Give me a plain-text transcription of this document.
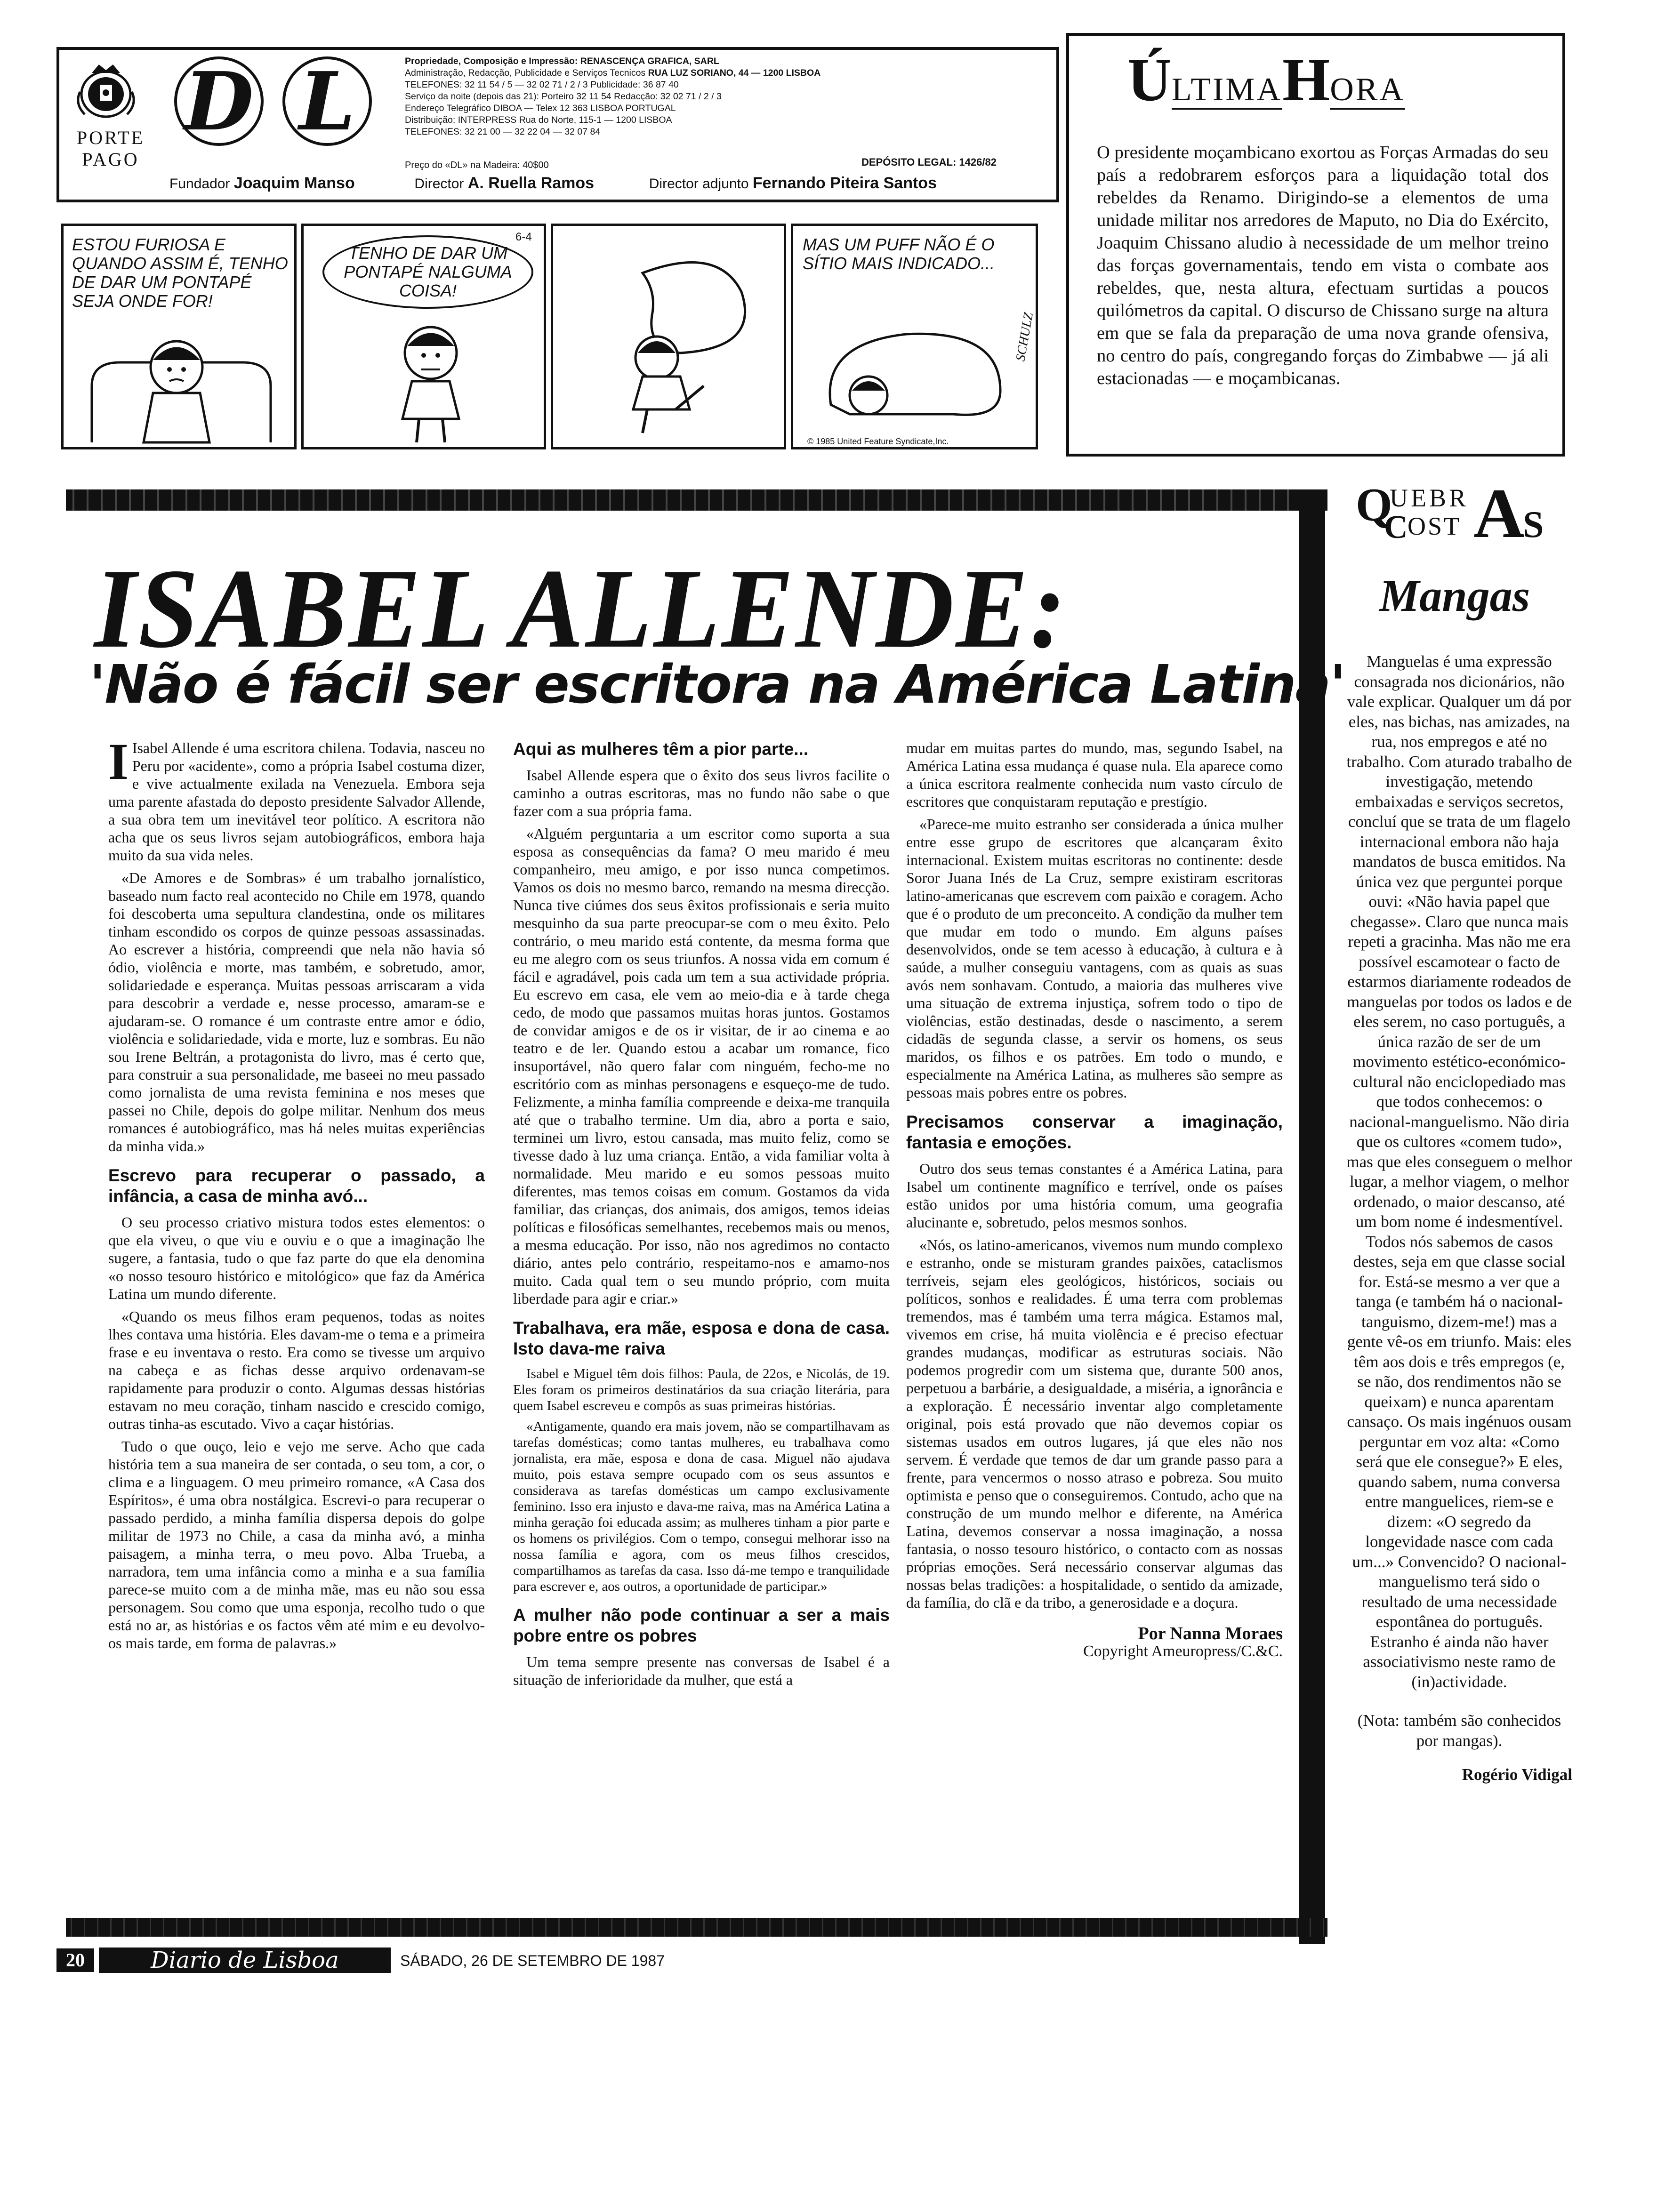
PORTE
PAGO
D L	Propriedade, Composição e Impressão: RENASCENÇA GRAFICA, SARL
Administração, Redacção, Publicidade e Serviços Tecnicos RUA LUZ SORIANO, 44 — 1200 LISBOA
TELEFONES: 32 11 54 / 5 — 32 02 71 / 2 / 3 Publicidade: 36 87 40
Serviço da noite (depois das 21): Porteiro 32 11 54 Redacção: 32 02 71 / 2 / 3
Endereço Telegráfico DIBOA — Telex 12 363 LISBOA PORTUGAL
Distribuição: INTERPRESS Rua do Norte, 115-1 — 1200 LISBOA
TELEFONES: 32 21 00 — 32 22 04 — 32 07 84
Preço do «DL» na Madeira: 40$00	DEPÓSITO LEGAL: 1426/82
Fundador Joaquim Manso	Director A. Ruella Ramos	Director adjunto Fernando Piteira Santos
ÚLTIMAHORA
O presidente moçambicano exortou as Forças Armadas do seu país a redobrarem esforços para a liquidação total dos rebeldes da Renamo. Dirigindo-se a elementos de uma unidade militar nos arredores de Maputo, no Dia do Exército, Joaquim Chissano aludio à necessidade de um melhor treino das forças governamentais, tendo em vista o combate aos rebeldes, que, nesta altura, efectuam surtidas a poucos quilómetros da capital. O discurso de Chissano surge na altura em que se fala da preparação de uma nova grande ofensiva, no centro do país, congregando forças do Zimbabwe — já ali estacionadas — e moçambicanas.
ESTOU FURIOSA E QUANDO ASSIM É, TENHO DE DAR UM PONTAPÉ SEJA ONDE FOR!
TENHO DE DAR UM PONTAPÉ NALGUMA COISA!
6-4	MAS UM PUFF NÃO É O SÍTIO MAIS INDICADO...
SCHULZ
© 1985 United Feature Syndicate,Inc.
ISABEL ALLENDE:
'Não é fácil ser escritora na América Latina'

I Isabel Allende é uma escritora chilena. Todavia, nasceu no Peru por «acidente», como a própria Isabel costuma dizer, e vive actualmente exilada na Venezuela. Embora seja uma parente afastada do deposto presidente Salvador Allende, a sua obra tem um inevitável teor político. A escritora não acha que os seus livros sejam autobiográficos, embora haja muito da sua vida neles.

«De Amores e de Sombras» é um trabalho jornalístico, baseado num facto real acontecido no Chile em 1978, quando foi descoberta uma sepultura clandestina, onde os militares tinham escondido os corpos de quinze pessoas assassinadas. Ao escrever a história, compreendi que nela não havia só ódio, violência e morte, mas também, e sobretudo, amor, solidariedade e esperança. Muitas pessoas arriscaram a vida para descobrir a verdade e, nesse processo, amaram-se e ajudaram-se. O romance é um contraste entre amor e ódio, violência e solidariedade, vida e morte, luz e sombras. Eu não sou Irene Beltrán, a protagonista do livro, mas é certo que, para construir a sua personalidade, me baseei no meu passado como jornalista de uma revista feminina e nos meses que passei no Chile, depois do golpe militar. Nenhum dos meus romances é autobiográfico, mas há neles muitas experiências da minha vida.»

Escrevo para recuperar o passado, a infância, a casa de minha avó...

O seu processo criativo mistura todos estes elementos: o que ela viveu, o que viu e ouviu e o que a imaginação lhe sugere, a fantasia, tudo o que faz parte do que ela denomina «o nosso tesouro histórico e mitológico» que faz da América Latina um mundo diferente.

«Quando os meus filhos eram pequenos, todas as noites lhes contava uma história. Eles davam-me o tema e a primeira frase e eu inventava o resto. Era como se tivesse um arquivo na cabeça e as fichas desse arquivo ordenavam-se rapidamente para produzir o conto. Algumas dessas histórias estavam no meu coração, tinham nascido e crescido comigo, outras tinha-as escutado. Vivo a caçar histórias.

Tudo o que ouço, leio e vejo me serve. Acho que cada história tem a sua maneira de ser contada, o seu tom, a cor, o clima e a linguagem. O meu primeiro romance, «A Casa dos Espíritos», é uma obra nostálgica. Escrevi-o para recuperar o passado perdido, a minha família dispersa depois do golpe militar de 1973 no Chile, a casa da minha avó, a minha paisagem, a minha terra, o meu povo. Alba Trueba, a narradora, tem uma infância como a minha e a sua família parece-se muito com a de minha mãe, mas eu não sou essa personagem. Sou como que uma esponja, recolho tudo o que está no ar, as histórias e os factos vêm até mim e eu devolvo-os mais tarde, em forma de palavras.»

Aqui as mulheres têm a pior parte...

Isabel Allende espera que o êxito dos seus livros facilite o caminho a outras escritoras, mas no fundo não sabe o que fazer com a sua própria fama.

«Alguém perguntaria a um escritor como suporta a sua esposa as consequências da fama? O meu marido é meu companheiro, meu amigo, e por isso nunca competimos. Vamos os dois no mesmo barco, remando na mesma direcção. Nunca tive ciúmes dos seus êxitos profissionais e seria muito mesquinho da sua parte preocupar-se com o meu êxito. Pelo contrário, o meu marido está contente, da mesma forma que eu me alegro com os seus triunfos. A nossa vida em comum é fácil e agradável, pois cada um tem a sua actividade própria. Eu escrevo em casa, ele vem ao meio-dia e à tarde chega cedo, de modo que passamos muitas horas juntos. Gostamos de convidar amigos e de os ir visitar, de ir ao cinema e ao teatro e de ler. Quando estou a acabar um romance, fico insuportável, não quero falar com ninguém, fecho-me no escritório com as minhas personagens e esqueço-me de tudo. Felizmente, a minha família compreende e deixa-me tranquila até que o trabalho termine. Um dia, abro a porta e saio, terminei um livro, estou cansada, mas muito feliz, como se tivesse dado à luz uma criança. Então, a vida familiar volta à normalidade. Meu marido e eu somos pessoas muito diferentes, mas temos coisas em comum. Gostamos da vida familiar, das crianças, dos animais, dos amigos, temos ideias políticas e filosóficas semelhantes, recebemos mais ou menos, a mesma educação. Por isso, não nos agredimos no contacto diário, antes pelo contrário, respeitamo-nos e amamo-nos muito. Cada qual tem o seu mundo próprio, com muita liberdade para agir e criar.»

Trabalhava, era mãe, esposa e dona de casa. Isto dava-me raiva

Isabel e Miguel têm dois filhos: Paula, de 22os, e Nicolás, de 19. Eles foram os primeiros destinatários da sua criação literária, para quem Isabel escreveu e compôs as suas primeiras histórias.

«Antigamente, quando era mais jovem, não se compartilhavam as tarefas domésticas; como tantas mulheres, eu trabalhava como jornalista, era mãe, esposa e dona de casa. Miguel não ajudava muito, pois estava sempre ocupado com os seus assuntos e considerava as tarefas domésticas um campo exclusivamente feminino. Isso era injusto e dava-me raiva, mas na América Latina a minha geração foi educada assim; as mulheres tinham a pior parte e os homens os privilégios. Com o tempo, consegui melhorar isso na nossa família e agora, com os meus filhos crescidos, compartilhamos as tarefas da casa. Isso dá-me tempo e tranquilidade para escrever e, aos outros, a oportunidade de participar.»

A mulher não pode continuar a ser a mais pobre entre os pobres

Um tema sempre presente nas conversas de Isabel é a situação de inferioridade da mulher, que está a

mudar em muitas partes do mundo, mas, segundo Isabel, na América Latina essa mudança é quase nula. Ela aparece como a única escritora realmente conhecida num vasto círculo de escritores que conquistaram reputação e prestígio.

«Parece-me muito estranho ser considerada a única mulher entre esse grupo de escritores que alcançaram êxito internacional. Existem muitas escritoras no continente: desde Soror Juana Inés de La Cruz, sempre existiram escritoras latino-americanas que escrevem com paixão e coragem. Acho que é o produto de um preconceito. A condição da mulher tem que mudar em todo o mundo. Em alguns países desenvolvidos, onde se tem acesso à educação, à cultura e à saúde, a mulher conseguiu vantagens, com as quais as suas avós nem sonhavam. Contudo, a maioria das mulheres vive uma situação de extrema injustiça, sofrem todo o tipo de violências, estão destinadas, desde o nascimento, a serem cidadãs de segunda classe, a servir os homens, os seus maridos, os filhos e os patrões. Em todo o mundo, e especialmente na América Latina, as mulheres são sempre as pessoas mais pobres entre os pobres.

Precisamos conservar a imaginação, fantasia e emoções.

Outro dos seus temas constantes é a América Latina, para Isabel um continente magnífico e terrível, onde os países estão unidos por uma história comum, uma geografia alucinante e, sobretudo, pelos mesmos sonhos.

«Nós, os latino-americanos, vivemos num mundo complexo e estranho, onde se misturam grandes paixões, cataclismos terríveis, sejam eles geológicos, históricos, sociais ou políticos, sonhos e realidades. É uma terra com problemas tremendos, mas é também uma terra mágica. Estamos mal, vivemos em crise, há muita violência e é preciso efectuar grandes mudanças, modificar as estruturas sociais. Não podemos progredir com um sistema que, durante 500 anos, perpetuou a barbárie, a desigualdade, a miséria, a ignorância e a exploração. É necessário inventar algo completamente original, pois está provado que não devemos copiar os sistemas usados em outros lugares, já que eles não nos servem. É verdade que temos de dar um grande passo para a frente, para vencermos o nosso atraso e pobreza. Sou muito optimista e penso que o conseguiremos. Contudo, acho que na construção de um mundo melhor e diferente, na América Latina, devemos conservar a nossa imaginação, a nossa fantasia, o nosso tesouro histórico, o contacto com as nossas próprias emoções. Será necessário conservar algumas das nossas belas tradições: a hospitalidade, o sentido da amizade, da família, do clã e da tribo, a generosidade e a doçura.

Por Nanna Moraes
Copyright Ameuropress/C.&C.
Q
UEBR A
C OST S
Mangas

Manguelas é uma expressão consagrada nos dicionários, não vale explicar. Qualquer um dá por eles, nas bichas, nas amizades, na rua, nos empregos e até no trabalho. Com aturado trabalho de investigação, metendo embaixadas e serviços secretos, concluí que se trata de um flagelo internacional embora não haja mandatos de busca emitidos. Na única vez que perguntei porque ouvi: «Não havia papel que chegasse». Claro que nunca mais repeti a gracinha. Mas não me era possível escamotear o facto de estarmos diariamente rodeados de manguelas por todos os lados e de eles serem, no caso português, a única razão de ser de um movimento estético-económico-cultural não enciclopediado mas que todos conhecemos: o nacional-manguelismo. Não diria que os cultores «comem tudo», mas que eles conseguem o melhor lugar, a melhor viagem, o melhor ordenado, o maior descanso, até um bom nome é indesmentível.

Todos nós sabemos de casos destes, seja em que classe social for. Está-se mesmo a ver que a tanga (e também há o nacional-tanguismo, dizem-me!) mas a gente vê-os em triunfo. Mais: eles têm aos dois e três empregos (e, se não, dos rendimentos não se queixam) e nunca aparentam cansaço. Os mais ingénuos ousam perguntar em voz alta: «Como será que ele consegue?» E eles, quando sabem, numa conversa entre manguelices, riem-se e dizem: «O segredo da longevidade nasce com cada um...» Convencido? O nacional-manguelismo terá sido o resultado de uma necessidade espontânea do português. Estranho é ainda não haver associativismo neste ramo de (in)actividade.

(Nota: também são conhecidos por mangas).

Rogério Vidigal

20	Diario de Lisboa	SÁBADO, 26 DE SETEMBRO DE 1987
